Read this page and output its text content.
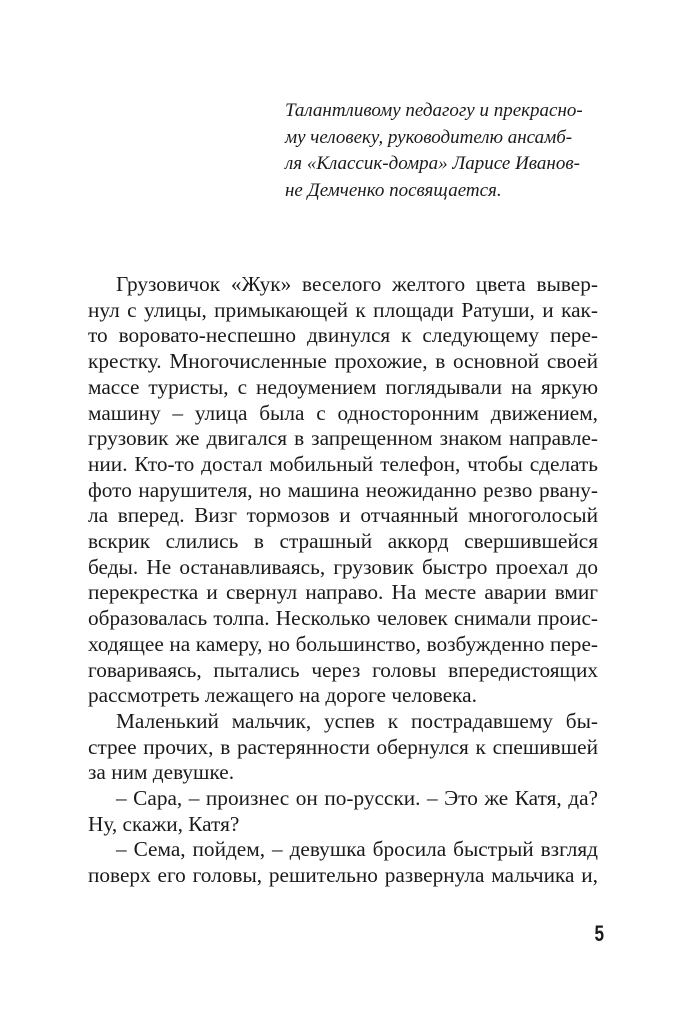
Талантливому педагогу и прекрасно-
му человеку, руководителю ансамб-
ля «Классик-домра» Ларисе Иванов-
не Демченко посвящается.
Грузовичок «Жук» веселого желтого цвета вывер-
нул с улицы, примыкающей к площади Ратуши, и как-
то воровато-неспешно двинулся к следующему пере-
крестку. Многочисленные прохожие, в основной своей
массе туристы, с недоумением поглядывали на яркую
машину – улица была с односторонним движением,
грузовик же двигался в запрещенном знаком направле-
нии. Кто-то достал мобильный телефон, чтобы сделать
фото нарушителя, но машина неожиданно резво рвану-
ла вперед. Визг тормозов и отчаянный многоголосый
вскрик слились в страшный аккорд свершившейся
беды. Не останавливаясь, грузовик быстро проехал до
перекрестка и свернул направо. На месте аварии вмиг
образовалась толпа. Несколько человек снимали проис-
ходящее на камеру, но большинство, возбужденно пере-
говариваясь, пытались через головы впередистоящих
рассмотреть лежащего на дороге человека.
Маленький мальчик, успев к пострадавшему бы-
стрее прочих, в растерянности обернулся к спешившей
за ним девушке.
– Сара, – произнес он по-русски. – Это же Катя, да?
Ну, скажи, Катя?
– Сема, пойдем, – девушка бросила быстрый взгляд
поверх его головы, решительно развернула мальчика и,
5
